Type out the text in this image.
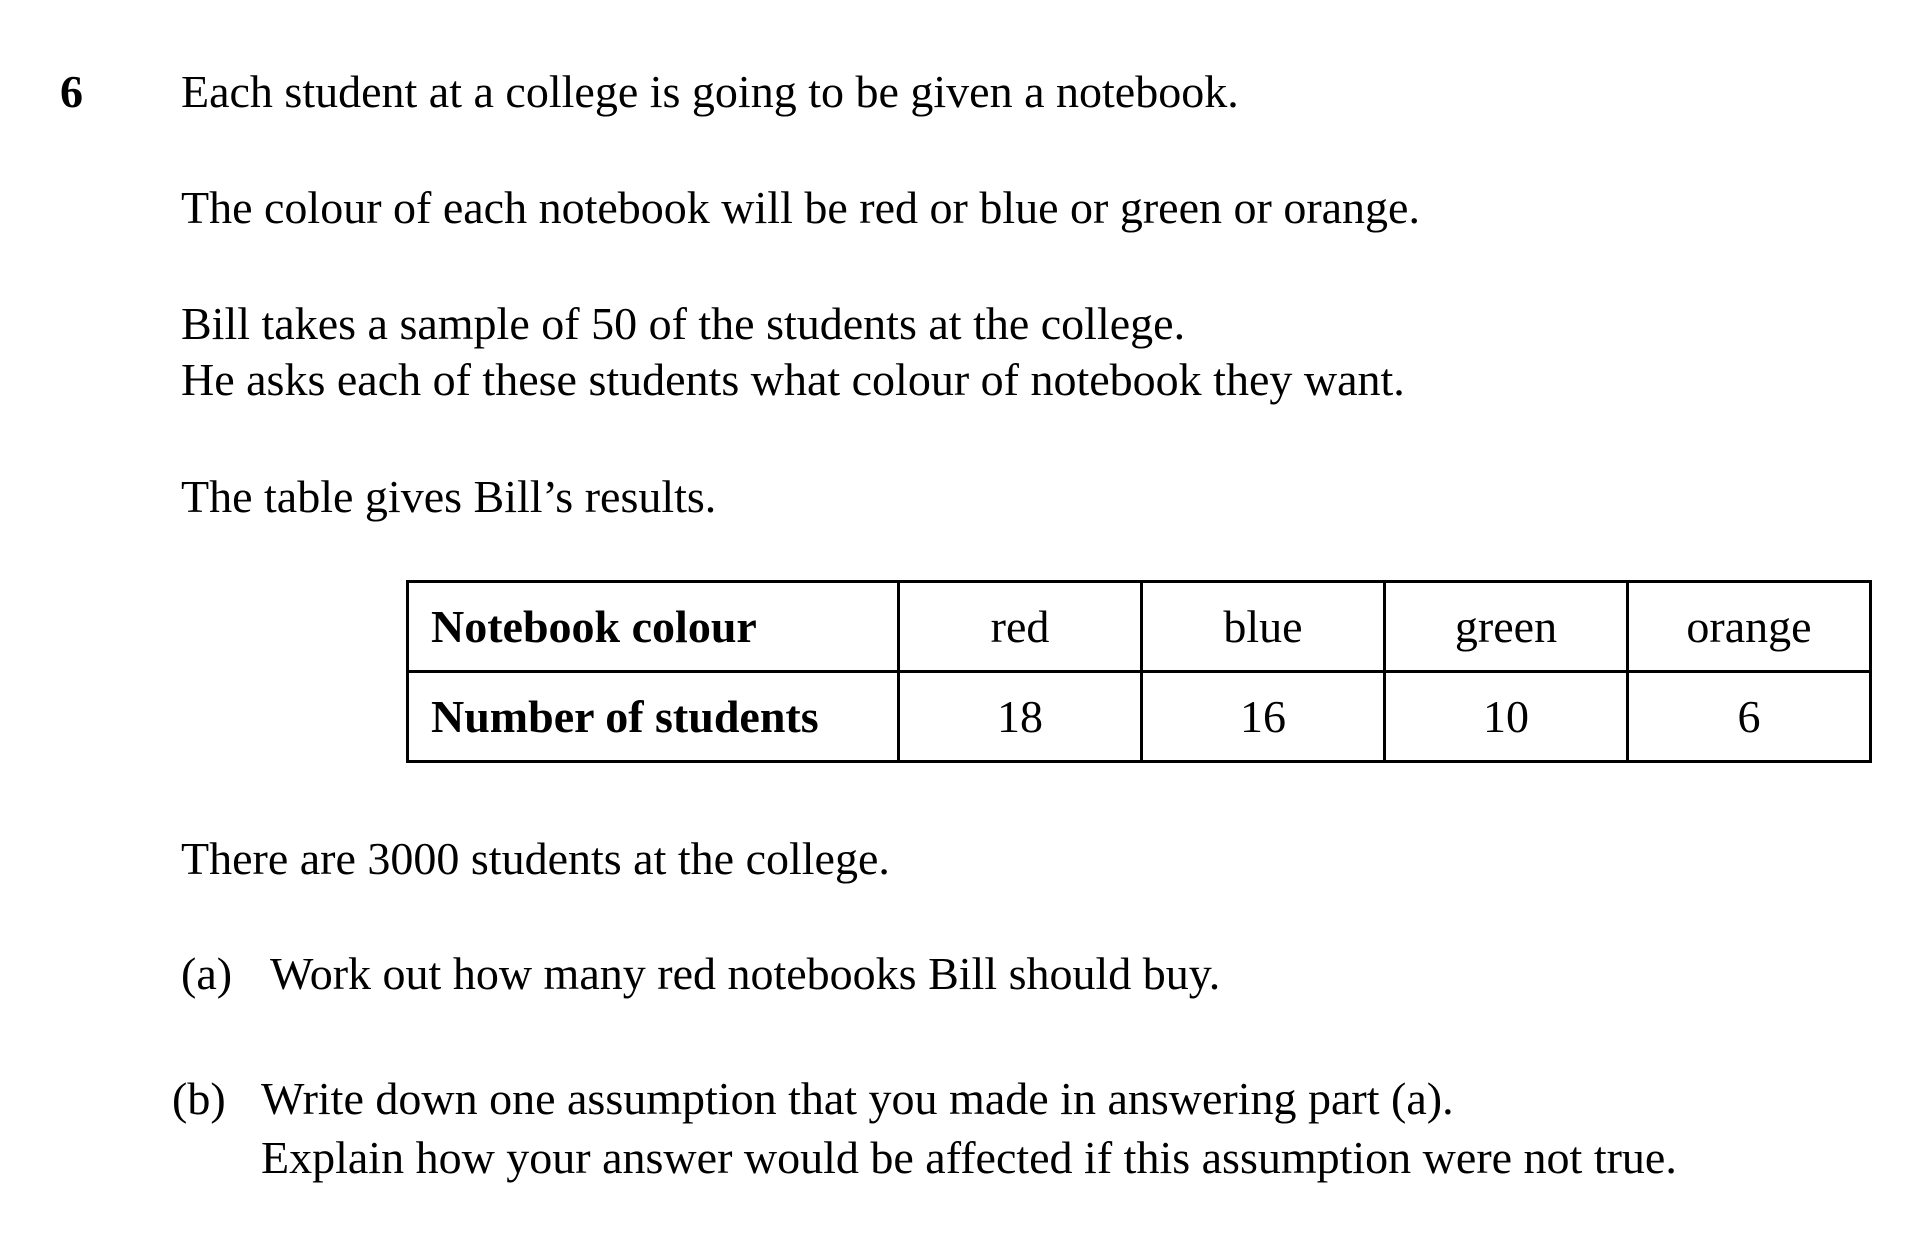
6 Each student at a college is going to be given a notebook.
The colour of each notebook will be red or blue or green or orange.
Bill takes a sample of 50 of the students at the college.
He asks each of these students what colour of notebook they want.
The table gives Bill’s results.
Notebook colour	red	blue	green	orange
Number of students	18	16	10	6
There are 3000 students at the college.
(a) Work out how many red notebooks Bill should buy.
(b) Write down one assumption that you made in answering part (a).
Explain how your answer would be affected if this assumption were not true.
